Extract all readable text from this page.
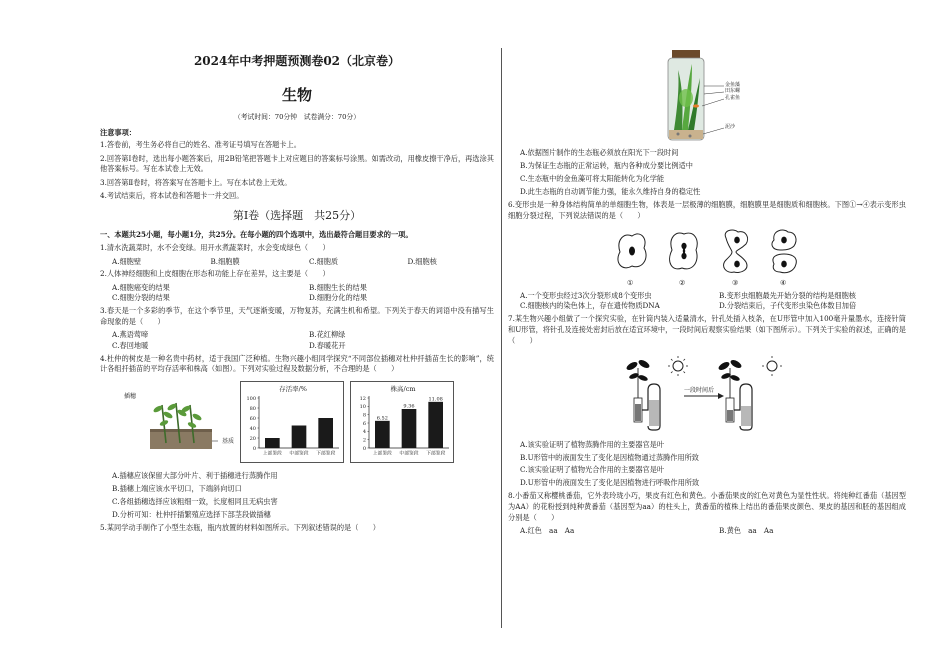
2024年中考押题预测卷02（北京卷）
生物
（考试时间：70分钟　试卷满分：70分）
注意事项：
1.答卷前，考生务必将自己的姓名、准考证号填写在答题卡上。
2.回答第Ⅰ卷时，选出每小题答案后，用2B铅笔把答题卡上对应题目的答案标号涂黑。如需改动，用橡皮擦干净后，再选涂其他答案标号。写在本试卷上无效。
3.回答第Ⅱ卷时，将答案写在答题卡上。写在本试卷上无效。
4.考试结束后，将本试卷和答题卡一并交回。
第Ⅰ卷（选择题　共25分）
一、本题共25小题，每小题1分，共25分。在每小题的四个选项中，选出最符合题目要求的一项。
1.清水洗蔬菜时，水不会变绿。用开水煮蔬菜时，水会变成绿色（　　）
A.细胞壁	B.细胞膜	C.细胞质	D.细胞核
2.人体神经细胞和上皮细胞在形态和功能上存在差异，这主要是（　　）
A.细胞癌变的结果	B.细胞生长的结果
C.细胞分裂的结果	D.细胞分化的结果
3.春天是一个多彩的季节，在这个季节里，天气逐渐变暖，万物复苏，充满生机和希望。下列关于春天的词语中没有描写生命现象的是（　　）
A.燕语莺啼	B.花红柳绿
C.春回地暖	D.春暖花开
4.杜仲的树皮是一种名贵中药材，适于我国广泛种植。生物兴趣小组同学探究“不同部位插穗对杜仲扦插苗生长的影响”，统计各组扦插苗的平均存活率和株高（如图）。下列对实验过程及数据分析，不合理的是（　　）
插穗
基质
存活率/%
100
80
60
40
20
0
上部鉴段 中部鉴段 下部鉴段
株高/cm
12
10
8
6
4
2
0
6.52
上部鉴段
9.36
中部鉴段
11.08
下部鉴段
A.插穗应该保留大部分叶片、利于插穗进行蒸腾作用
B.插穗上端应该水平切口，下端斜向切口
C.各组插穗选择应该粗细一致，长度相同且无病虫害
D.分析可知：杜仲扦插繁殖应选择下部茎段做插穗
5.某同学动手制作了小型生态瓶，瓶内放置的材料如图所示。下列叙述错误的是（　　）
金鱼藻
田东螺
孔雀鱼
泥沙
A.依据图片制作的生态瓶必须放在阳光下一段时间
B.为保证生态瓶的正常运转，瓶内各种成分要比例适中
C.生态瓶中的金鱼藻可将太阳能转化为化学能
D.此生态瓶的自动调节能力强，能永久维持自身的稳定性
6.变形虫是一种身体结构简单的单细胞生物，体表是一层极薄的细胞膜，细胞膜里是细胞质和细胞核。下图①→④表示变形虫细胞分裂过程，下列说法错误的是（　　）
①	②	③	④
A.一个变形虫经过3次分裂形成8个变形虫	B.变形虫细胞最先开始分裂的结构是细胞核
C.细胞核内的染色体上，存在遗传物质DNA	D.分裂结束后，子代变形虫染色体数目加倍
7.某生物兴趣小组做了一个探究实验，在针筒内装入适量清水，针孔处插入枝条，在U形管中加入100毫升量墨水，连接针筒和U形管，将针孔及连接处密封后放在适宜环境中，一段时间后观察实验结果（如下图所示）。下列关于实验的叙述，正确的是（　　）
一段时间后
A.该实验证明了植物蒸腾作用的主要器官是叶
B.U形管中的液面发生了变化是因植物通过蒸腾作用所致
C.该实验证明了植物光合作用的主要器官是叶
D.U形管中的液面发生了变化是因植物进行呼吸作用所致
8.小番茄又称樱桃番茄，它外表玲珑小巧，果皮有红色和黄色。小番茄果皮的红色对黄色为显性性状。将纯种红番茄（基因型为AA）的花粉授到纯种黄番茄（基因型为aa）的柱头上，黄番茄的植株上结出的番茄果皮颜色、果皮的基因和胚的基因组成分别是（　　）
A.红色　aa　Aa	B.黄色　aa　Aa
